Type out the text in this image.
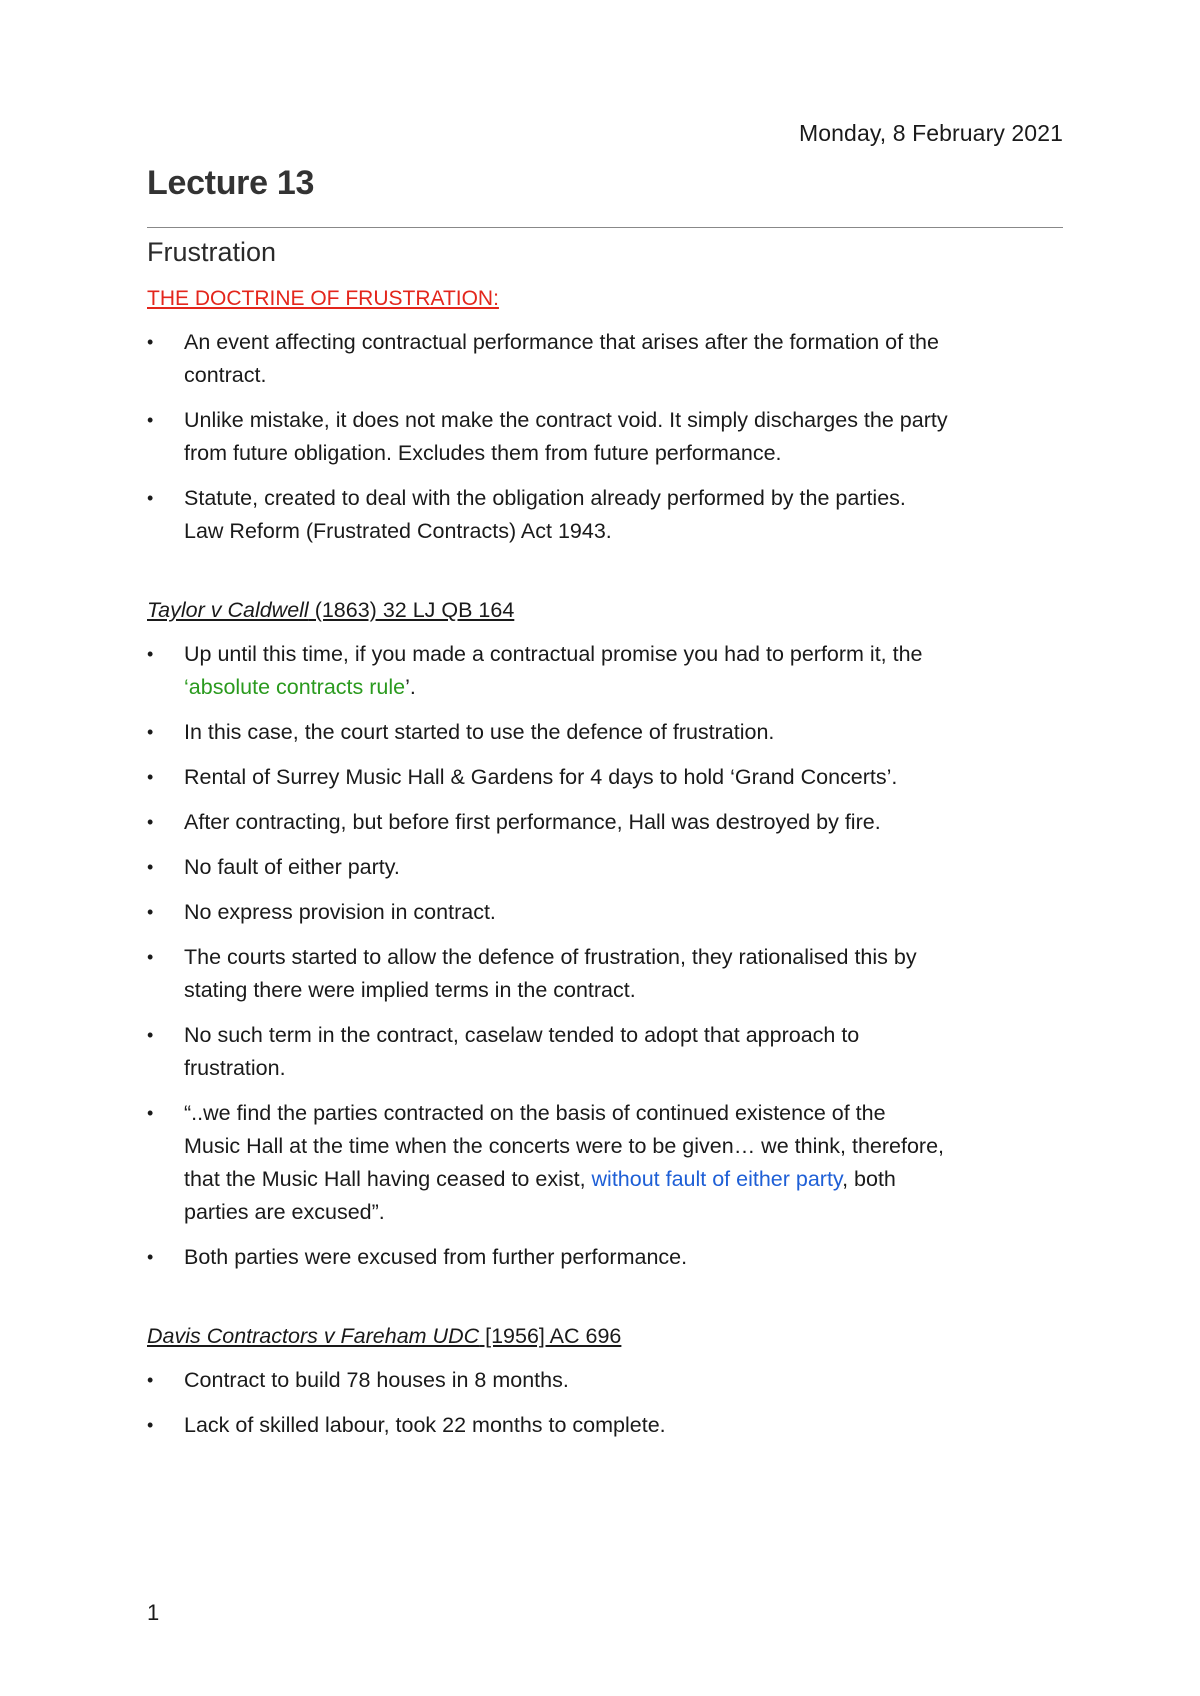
Monday, 8 February 2021
Lecture 13
Frustration
THE DOCTRINE OF FRUSTRATION:
• An event affecting contractual performance that arises after the formation of the
contract.
• Unlike mistake, it does not make the contract void. It simply discharges the party
from future obligation. Excludes them from future performance.
• Statute, created to deal with the obligation already performed by the parties.
Law Reform (Frustrated Contracts) Act 1943.
Taylor v Caldwell (1863) 32 LJ QB 164
• Up until this time, if you made a contractual promise you had to perform it, the
‘absolute contracts rule’.
• In this case, the court started to use the defence of frustration.
• Rental of Surrey Music Hall & Gardens for 4 days to hold ‘Grand Concerts’.
• After contracting, but before first performance, Hall was destroyed by fire.
• No fault of either party.
• No express provision in contract.
• The courts started to allow the defence of frustration, they rationalised this by
stating there were implied terms in the contract.
• No such term in the contract, caselaw tended to adopt that approach to
frustration.
• “..we find the parties contracted on the basis of continued existence of the
Music Hall at the time when the concerts were to be given… we think, therefore,
that the Music Hall having ceased to exist, without fault of either party, both
parties are excused”.
• Both parties were excused from further performance.
Davis Contractors v Fareham UDC [1956] AC 696
• Contract to build 78 houses in 8 months.
• Lack of skilled labour, took 22 months to complete.
1
